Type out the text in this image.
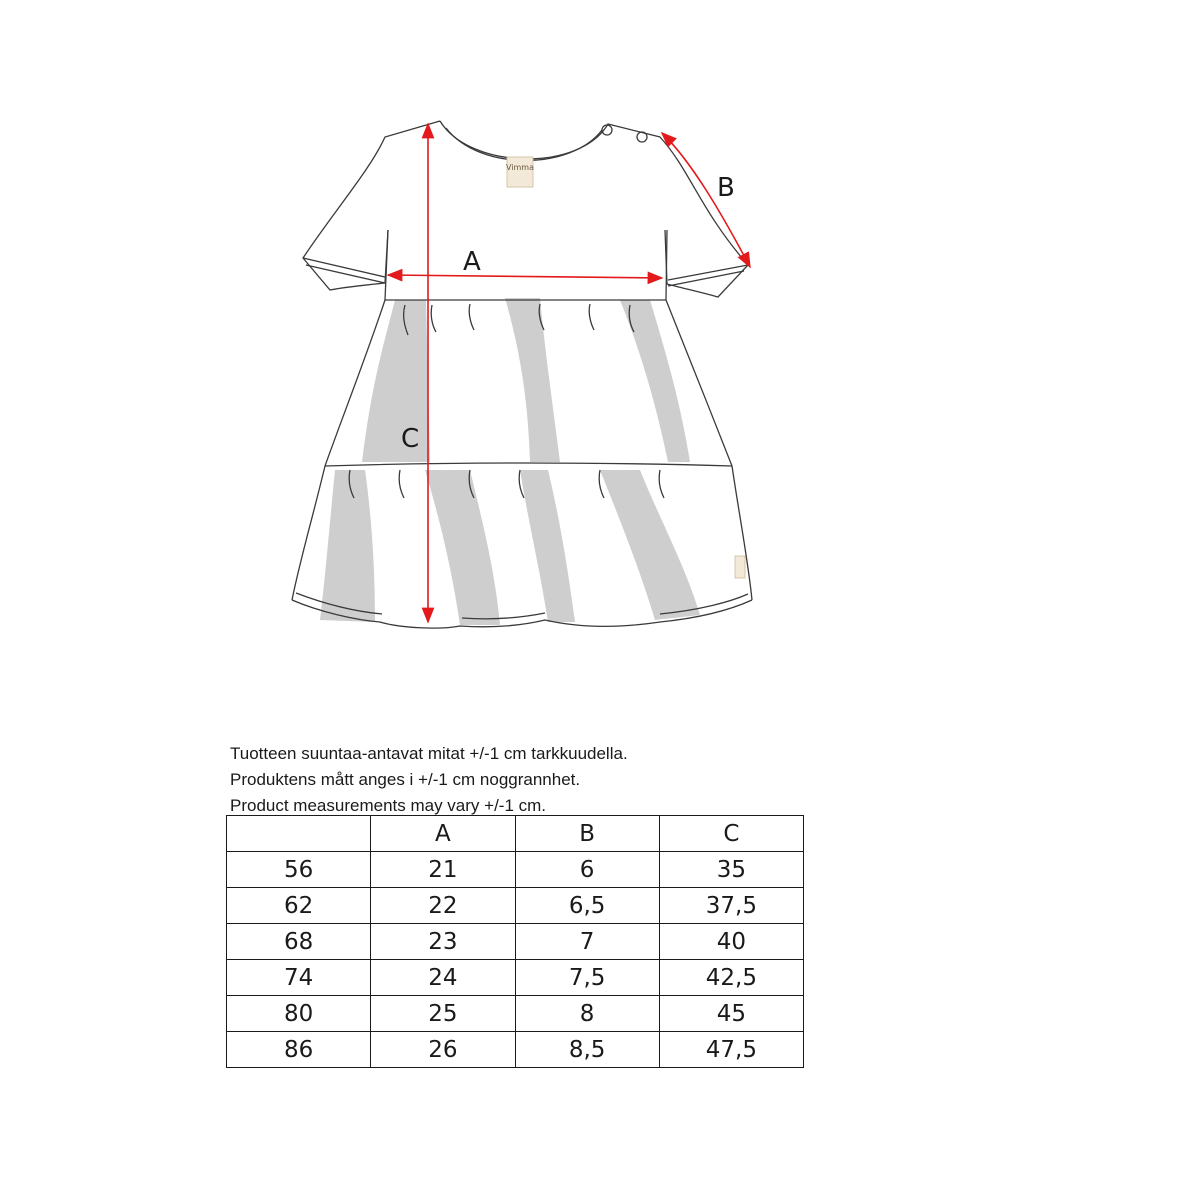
Vimma
A
B
C
Tuotteen suuntaa-antavat mitat +/-1 cm tarkkuudella.
Produktens mått anges i +/-1 cm noggrannhet.
Product measurements may vary +/-1 cm.
	A	B	C
56	21	6	35
62	22	6,5	37,5
68	23	7	40
74	24	7,5	42,5
80	25	8	45
86	26	8,5	47,5
